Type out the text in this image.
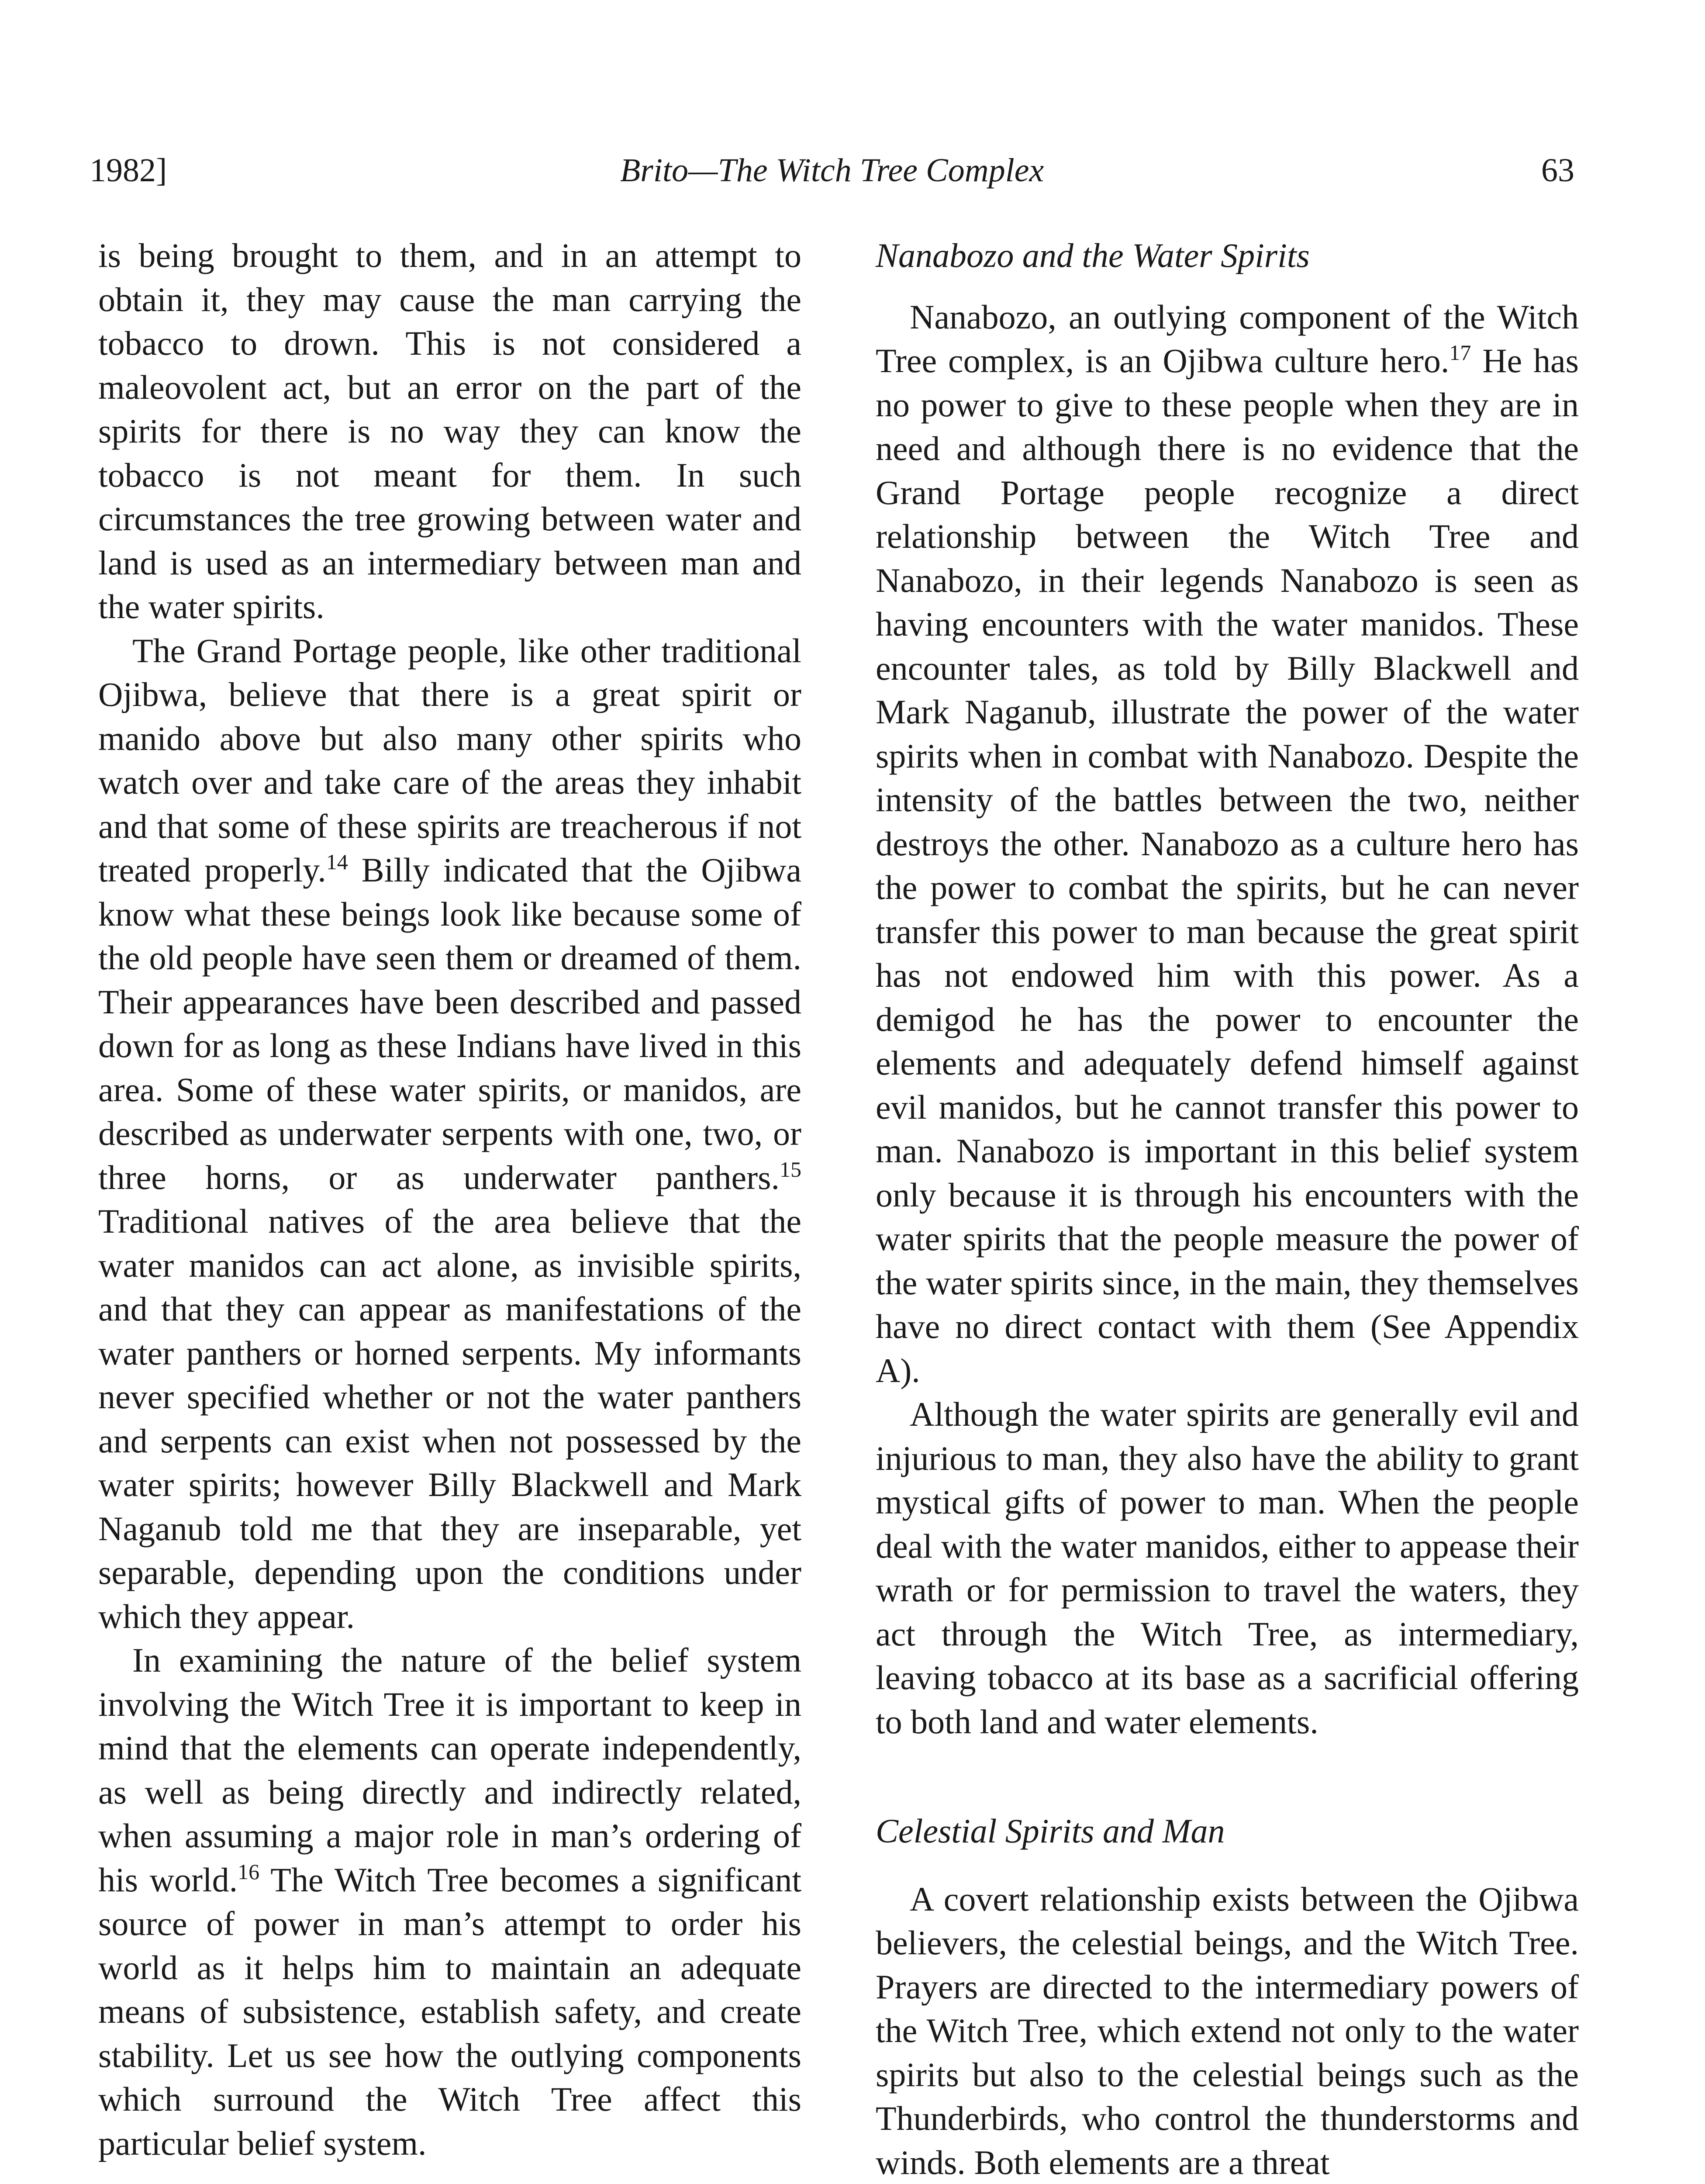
1982]	Brito—The Witch Tree Complex	63

is being brought to them, and in an attempt to obtain it, they may cause the man carrying the tobacco to drown. This is not considered a maleovolent act, but an error on the part of the spirits for there is no way they can know the tobacco is not meant for them. In such circumstances the tree growing between water and land is used as an intermediary between man and the water spirits.

The Grand Portage people, like other traditional Ojibwa, believe that there is a great spirit or manido above but also many other spirits who watch over and take care of the areas they inhabit and that some of these spirits are treacherous if not treated properly.$^{14}$ Billy indicated that the Ojibwa know what these beings look like because some of the old people have seen them or dreamed of them. Their appearances have been described and passed down for as long as these Indians have lived in this area. Some of these water spirits, or manidos, are described as underwater serpents with one, two, or three horns, or as underwater panthers.$^{15}$ Traditional natives of the area believe that the water manidos can act alone, as invisible spirits, and that they can appear as manifestations of the water panthers or horned serpents. My informants never specified whether or not the water panthers and serpents can exist when not possessed by the water spirits; however Billy Blackwell and Mark Naganub told me that they are inseparable, yet separable, depending upon the conditions under which they appear.

In examining the nature of the belief system involving the Witch Tree it is important to keep in mind that the elements can operate independently, as well as being directly and indirectly related, when assuming a major role in man’s ordering of his world.$^{16}$ The Witch Tree becomes a significant source of power in man’s attempt to order his world as it helps him to maintain an adequate means of subsistence, establish safety, and create stability. Let us see how the outlying components which surround the Witch Tree affect this particular belief system.

Nanabozo and the Water Spirits

Nanabozo, an outlying component of the Witch Tree complex, is an Ojibwa culture hero.$^{17}$ He has no power to give to these people when they are in need and although there is no evidence that the Grand Portage people recognize a direct relationship between the Witch Tree and Nanabozo, in their legends Nanabozo is seen as having encounters with the water manidos. These encounter tales, as told by Billy Blackwell and Mark Naganub, illustrate the power of the water spirits when in combat with Nanabozo. Despite the intensity of the battles between the two, neither destroys the other. Nanabozo as a culture hero has the power to combat the spirits, but he can never transfer this power to man because the great spirit has not endowed him with this power. As a demigod he has the power to encounter the elements and adequately defend himself against evil manidos, but he cannot transfer this power to man. Nanabozo is important in this belief system only because it is through his encounters with the water spirits that the people measure the power of the water spirits since, in the main, they themselves have no direct contact with them (See Appendix A).

Although the water spirits are generally evil and injurious to man, they also have the ability to grant mystical gifts of power to man. When the people deal with the water manidos, either to appease their wrath or for permission to travel the waters, they act through the Witch Tree, as intermediary, leaving tobacco at its base as a sacrificial offering to both land and water elements.

Celestial Spirits and Man

A covert relationship exists between the Ojibwa believers, the celestial beings, and the Witch Tree. Prayers are directed to the intermediary powers of the Witch Tree, which extend not only to the water spirits but also to the celestial beings such as the Thunderbirds, who control the thunderstorms and winds. Both elements are a threat
